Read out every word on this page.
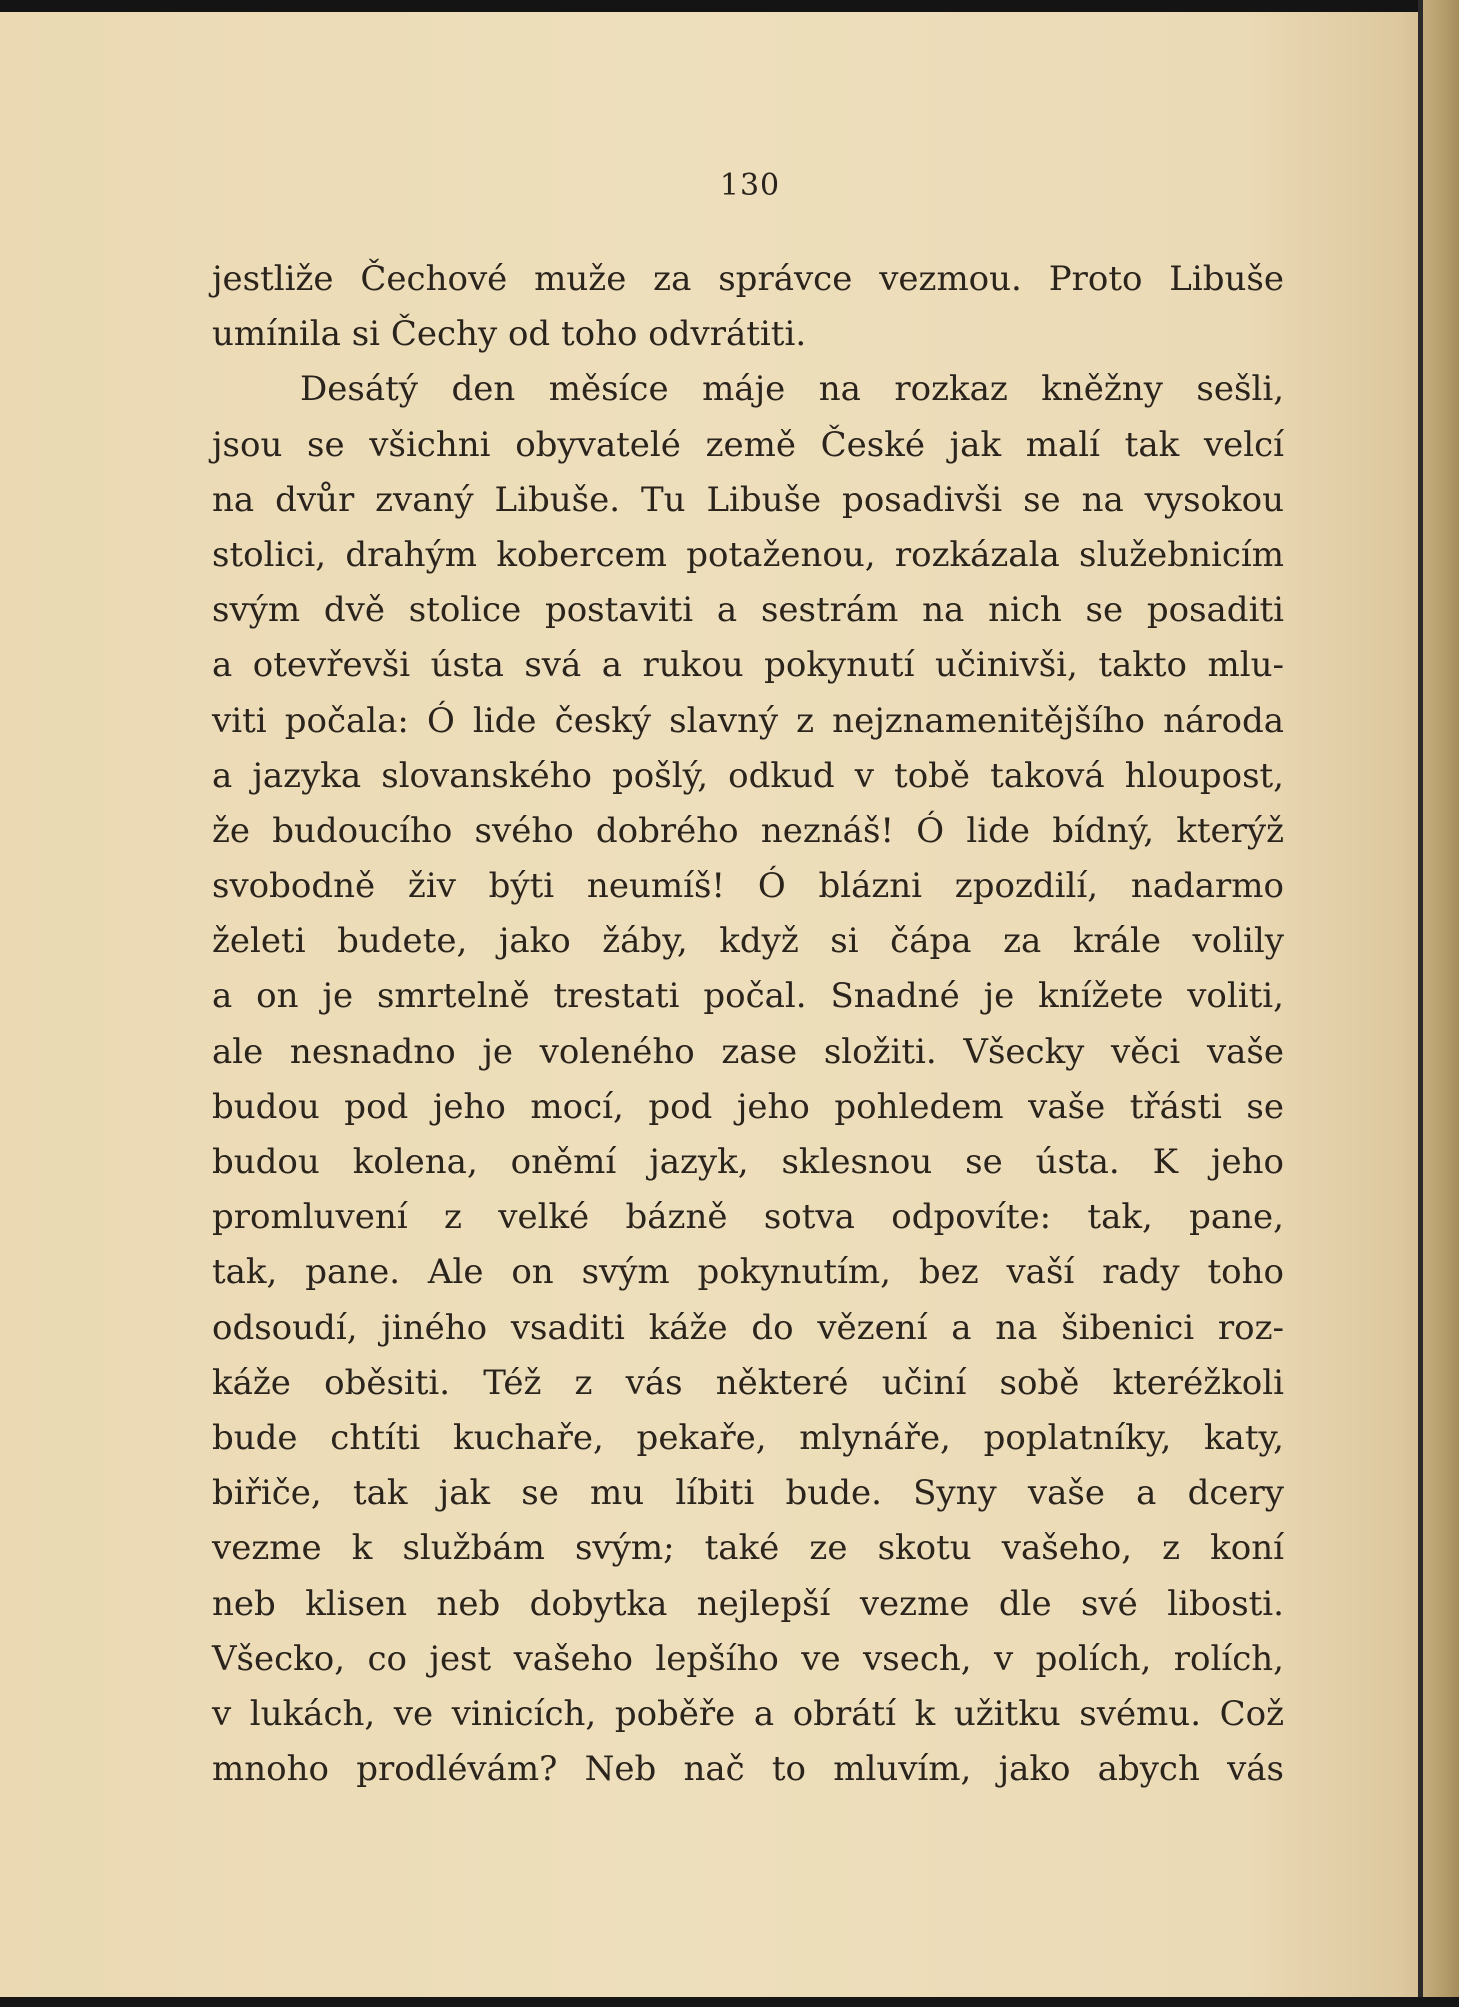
130
jestliže Čechové muže za správce vezmou. Proto Libuše
umínila si Čechy od toho odvrátiti.
Desátý den měsíce máje na rozkaz kněžny sešli,
jsou se všichni obyvatelé země České jak malí tak velcí
na dvůr zvaný Libuše. Tu Libuše posadivši se na vysokou
stolici, drahým kobercem potaženou, rozkázala služebnicím
svým dvě stolice postaviti a sestrám na nich se posaditi
a otevřevši ústa svá a rukou pokynutí učinivši, takto mlu-
viti počala: Ó lide český slavný z nejznamenitějšího národa
a jazyka slovanského pošlý, odkud v tobě taková hloupost,
že budoucího svého dobrého neznáš! Ó lide bídný, kterýž
svobodně živ býti neumíš! Ó blázni zpozdilí, nadarmo
želeti budete, jako žáby, když si čápa za krále volily
a on je smrtelně trestati počal. Snadné je knížete voliti,
ale nesnadno je voleného zase složiti. Všecky věci vaše
budou pod jeho mocí, pod jeho pohledem vaše třásti se
budou kolena, oněmí jazyk, sklesnou se ústa. K jeho
promluvení z velké bázně sotva odpovíte: tak, pane,
tak, pane. Ale on svým pokynutím, bez vaší rady toho
odsoudí, jiného vsaditi káže do vězení a na šibenici roz-
káže oběsiti. Též z vás některé učiní sobě kteréžkoli
bude chtíti kuchaře, pekaře, mlynáře, poplatníky, katy,
biřiče, tak jak se mu líbiti bude. Syny vaše a dcery
vezme k službám svým; také ze skotu vašeho, z koní
neb klisen neb dobytka nejlepší vezme dle své libosti.
Všecko, co jest vašeho lepšího ve vsech, v polích, rolích,
v lukách, ve vinicích, poběře a obrátí k užitku svému. Což
mnoho prodlévám? Neb nač to mluvím, jako abych vás
